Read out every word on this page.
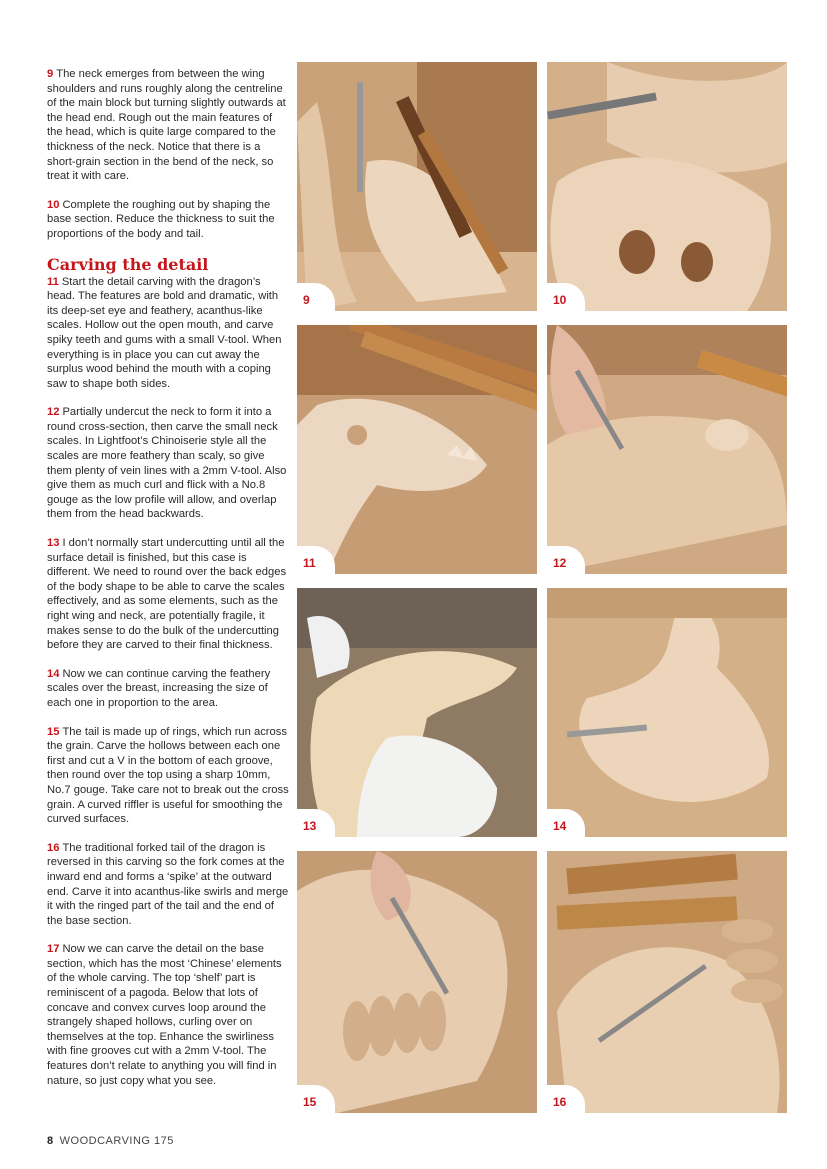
9 The neck emerges from between the wing shoulders and runs roughly along the centreline of the main block but turning slightly outwards at the head end. Rough out the main features of the head, which is quite large compared to the thickness of the neck. Notice that there is a short-grain section in the bend of the neck, so treat it with care.

10 Complete the roughing out by shaping the base section. Reduce the thickness to suit the proportions of the body and tail.

Carving the detail

11 Start the detail carving with the dragon’s head. The features are bold and dramatic, with its deep-set eye and feathery, acanthus-like scales. Hollow out the open mouth, and carve spiky teeth and gums with a small V-tool. When everything is in place you can cut away the surplus wood behind the mouth with a coping saw to shape both sides.

12 Partially undercut the neck to form it into a round cross-section, then carve the small neck scales. In Lightfoot’s Chinoiserie style all the scales are more feathery than scaly, so give them plenty of vein lines with a 2mm V-tool. Also give them as much curl and flick with a No.8 gouge as the low profile will allow, and overlap them from the head backwards.

13 I don’t normally start undercutting until all the surface detail is finished, but this case is different. We need to round over the back edges of the body shape to be able to carve the scales effectively, and as some elements, such as the right wing and neck, are potentially fragile, it makes sense to do the bulk of the undercutting before they are carved to their final thickness.

14 Now we can continue carving the feathery scales over the breast, increasing the size of each one in proportion to the area.

15 The tail is made up of rings, which run across the grain. Carve the hollows between each one first and cut a V in the bottom of each groove, then round over the top using a sharp 10mm, No.7 gouge. Take care not to break out the cross grain. A curved riffler is useful for smoothing the curved surfaces.

16 The traditional forked tail of the dragon is reversed in this carving so the fork comes at the inward end and forms a ‘spike’ at the outward end. Carve it into acanthus-like swirls and merge it with the ringed part of the tail and the end of the base section.

17 Now we can carve the detail on the base section, which has the most ‘Chinese’ elements of the whole carving. The top ‘shelf’ part is reminiscent of a pagoda. Below that lots of concave and convex curves loop around the strangely shaped hollows, curling over on themselves at the top. Enhance the swirliness with fine grooves cut with a 2mm V-tool. The features don’t relate to anything you will find in nature, so just copy what you see.

9	10
11	12
13	14
15	16
8 WOODCARVING 175
